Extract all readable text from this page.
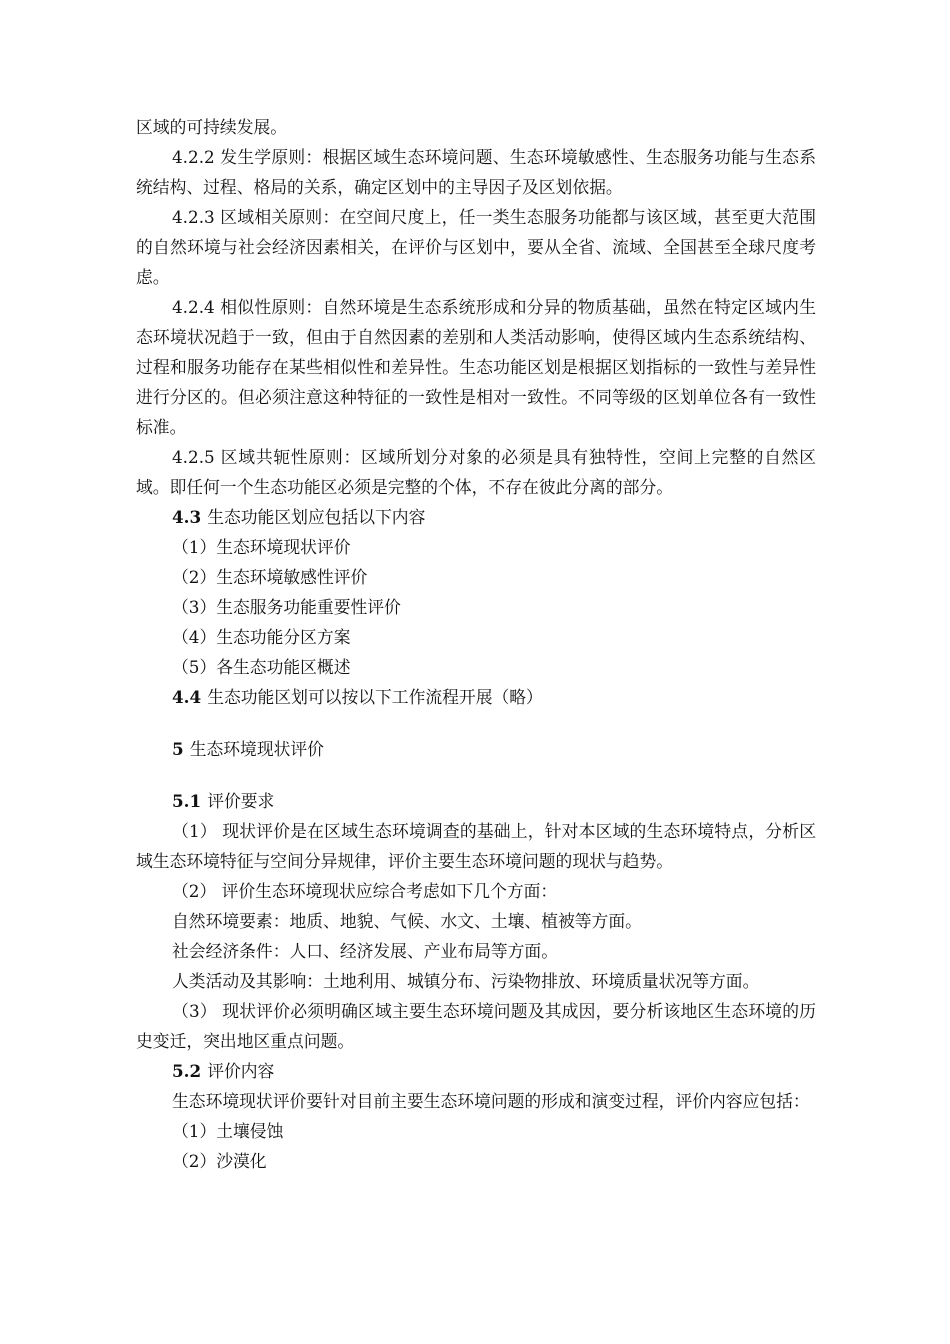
区域的可持续发展。

4.2.2 发生学原则：根据区域生态环境问题、生态环境敏感性、生态服务功能与生态系统结构、过程、格局的关系，确定区划中的主导因子及区划依据。

4.2.3 区域相关原则：在空间尺度上，任一类生态服务功能都与该区域，甚至更大范围的自然环境与社会经济因素相关，在评价与区划中，要从全省、流域、全国甚至全球尺度考虑。

4.2.4 相似性原则：自然环境是生态系统形成和分异的物质基础，虽然在特定区域内生态环境状况趋于一致，但由于自然因素的差别和人类活动影响，使得区域内生态系统结构、过程和服务功能存在某些相似性和差异性。生态功能区划是根据区划指标的一致性与差异性进行分区的。但必须注意这种特征的一致性是相对一致性。不同等级的区划单位各有一致性标准。

4.2.5 区域共轭性原则：区域所划分对象的必须是具有独特性，空间上完整的自然区域。即任何一个生态功能区必须是完整的个体，不存在彼此分离的部分。

4.3 生态功能区划应包括以下内容

（1）生态环境现状评价

（2）生态环境敏感性评价

（3）生态服务功能重要性评价

（4）生态功能分区方案

（5）各生态功能区概述

4.4 生态功能区划可以按以下工作流程开展（略）

5 生态环境现状评价

5.1 评价要求

（1） 现状评价是在区域生态环境调查的基础上，针对本区域的生态环境特点，分析区域生态环境特征与空间分异规律，评价主要生态环境问题的现状与趋势。

（2） 评价生态环境现状应综合考虑如下几个方面：

自然环境要素：地质、地貌、气候、水文、土壤、植被等方面。

社会经济条件：人口、经济发展、产业布局等方面。

人类活动及其影响：土地利用、城镇分布、污染物排放、环境质量状况等方面。

（3） 现状评价必须明确区域主要生态环境问题及其成因，要分析该地区生态环境的历史变迁，突出地区重点问题。

5.2 评价内容

生态环境现状评价要针对目前主要生态环境问题的形成和演变过程，评价内容应包括：

（1）土壤侵蚀

（2）沙漠化
